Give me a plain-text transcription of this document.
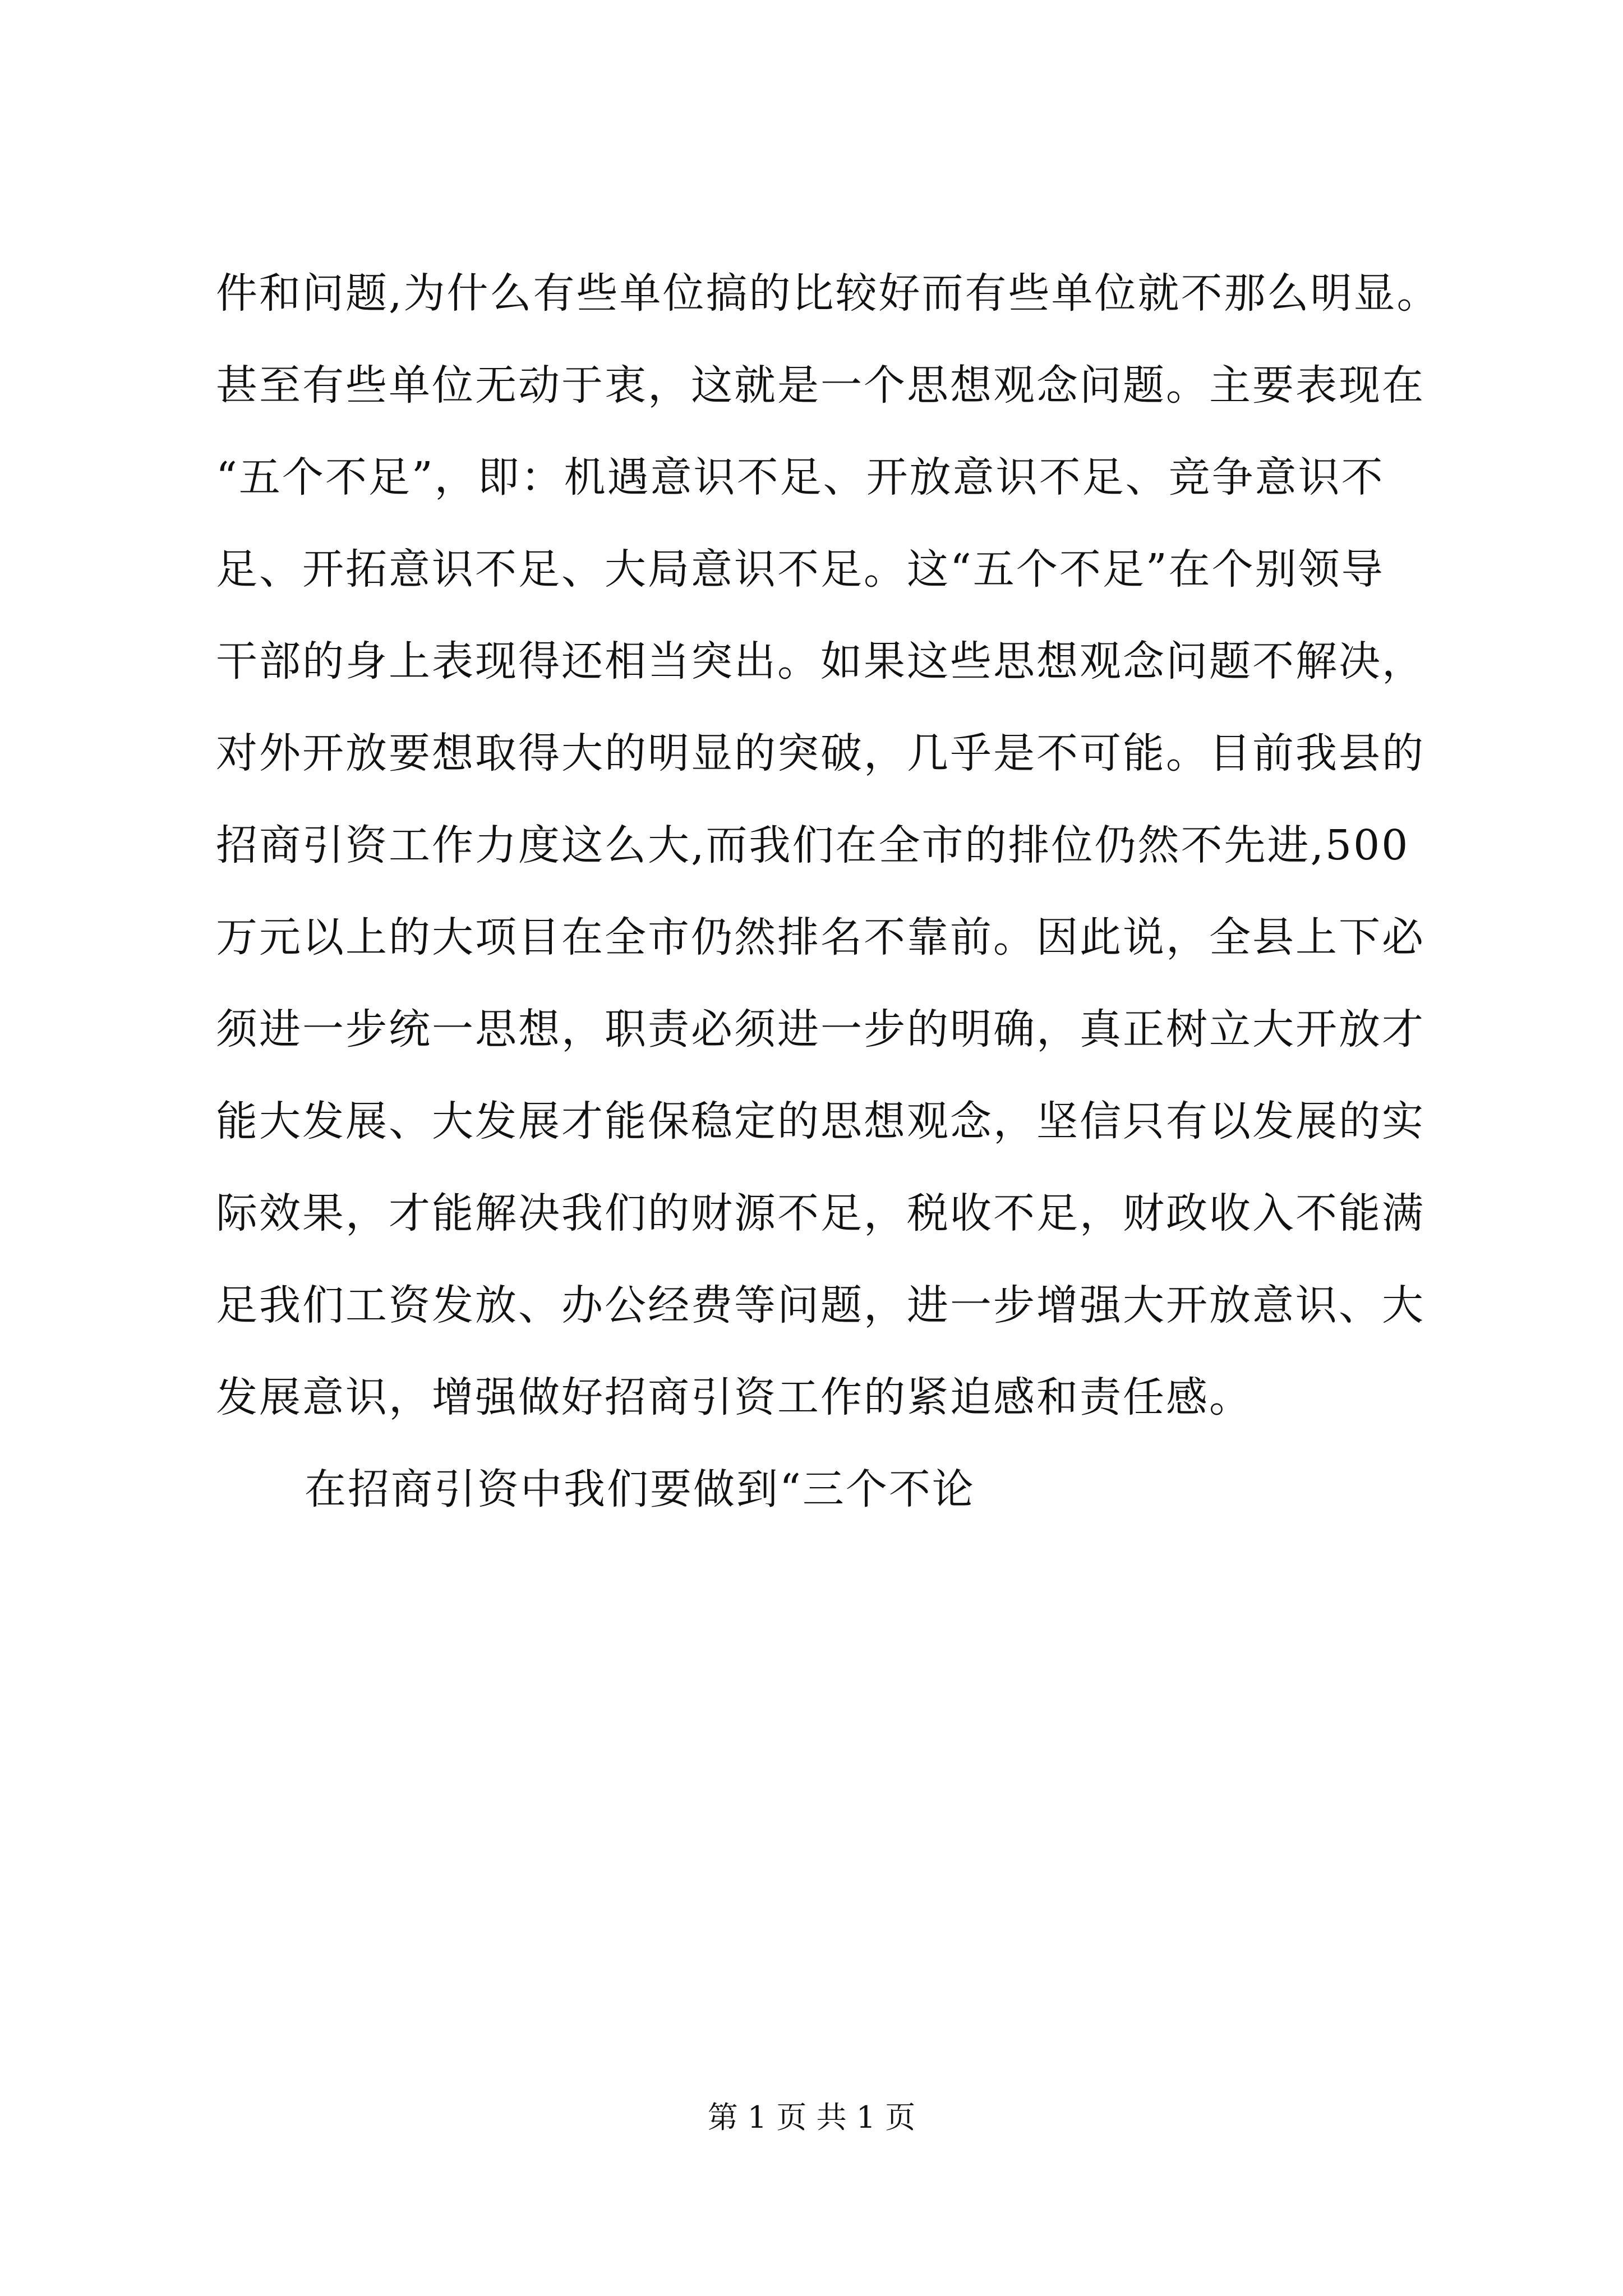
件和问题,为什么有些单位搞的比较好而有些单位就不那么明显。
甚至有些单位无动于衷，这就是一个思想观念问题。主要表现在
“五个不足”，即：机遇意识不足、开放意识不足、竞争意识不
足、开拓意识不足、大局意识不足。这“五个不足”在个别领导
干部的身上表现得还相当突出。如果这些思想观念问题不解决，
对外开放要想取得大的明显的突破，几乎是不可能。目前我县的
招商引资工作力度这么大,而我们在全市的排位仍然不先进,500
万元以上的大项目在全市仍然排名不靠前。因此说，全县上下必
须进一步统一思想，职责必须进一步的明确，真正树立大开放才
能大发展、大发展才能保稳定的思想观念，坚信只有以发展的实
际效果，才能解决我们的财源不足，税收不足，财政收入不能满
足我们工资发放、办公经费等问题，进一步增强大开放意识、大
发展意识，增强做好招商引资工作的紧迫感和责任感。
在招商引资中我们要做到“三个不论
第 1 页 共 1 页
